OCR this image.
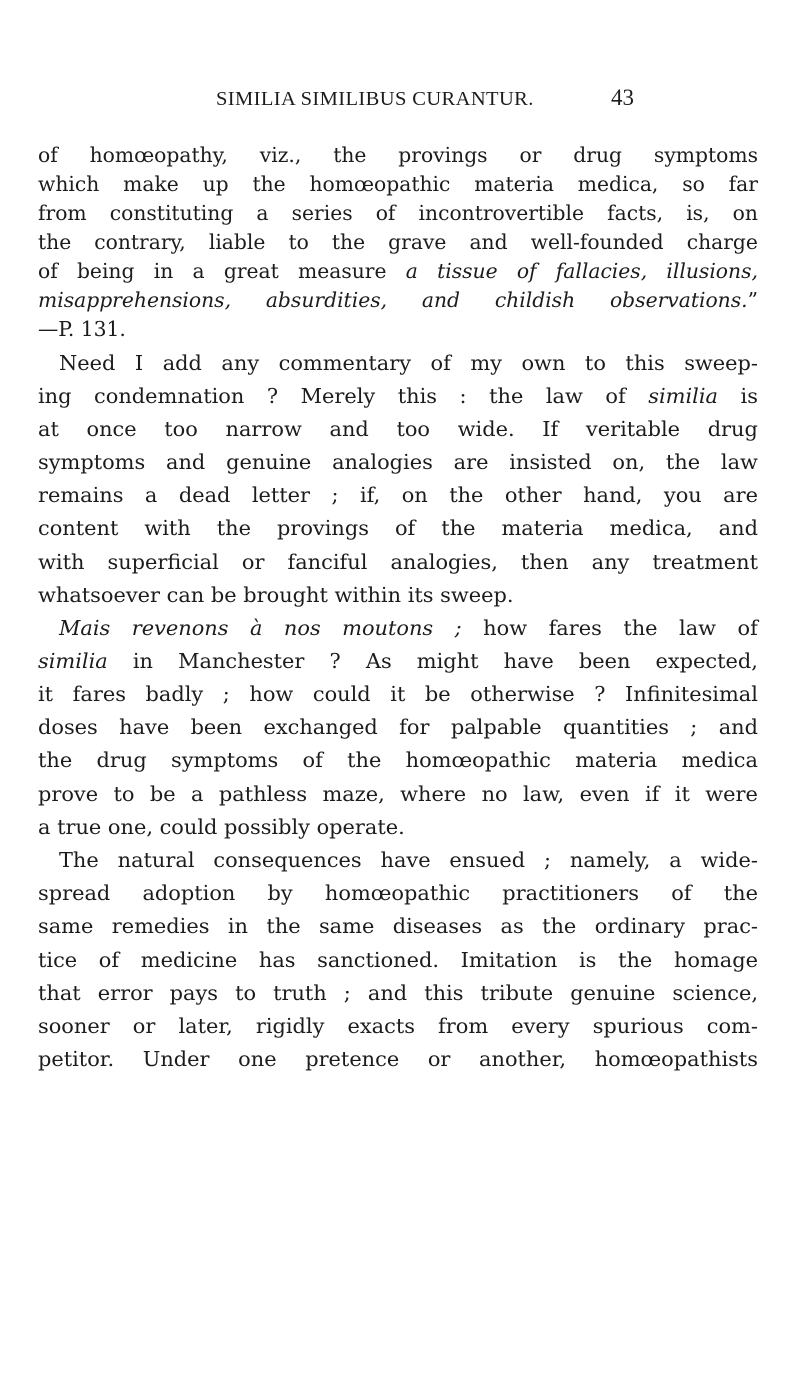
SIMILIA SIMILIBUS CURANTUR.	43
of homœopathy, viz., the provings or drug symptoms
which make up the homœopathic materia medica, so far
from constituting a series of incontrovertible facts, is, on
the contrary, liable to the grave and well-founded charge
of being in a great measure a tissue of fallacies, illusions,
misapprehensions, absurdities, and childish observations.”
—P. 131.
Need I add any commentary of my own to this sweep-
ing condemnation ? Merely this : the law of similia is
at once too narrow and too wide. If veritable drug
symptoms and genuine analogies are insisted on, the law
remains a dead letter ; if, on the other hand, you are
content with the provings of the materia medica, and
with superficial or fanciful analogies, then any treatment
whatsoever can be brought within its sweep.
Mais revenons à nos moutons ; how fares the law of
similia in Manchester ? As might have been expected,
it fares badly ; how could it be otherwise ? Infinitesimal
doses have been exchanged for palpable quantities ; and
the drug symptoms of the homœopathic materia medica
prove to be a pathless maze, where no law, even if it were
a true one, could possibly operate.
The natural consequences have ensued ; namely, a wide-
spread adoption by homœopathic practitioners of the
same remedies in the same diseases as the ordinary prac-
tice of medicine has sanctioned. Imitation is the homage
that error pays to truth ; and this tribute genuine science,
sooner or later, rigidly exacts from every spurious com-
petitor. Under one pretence or another, homœopathists
